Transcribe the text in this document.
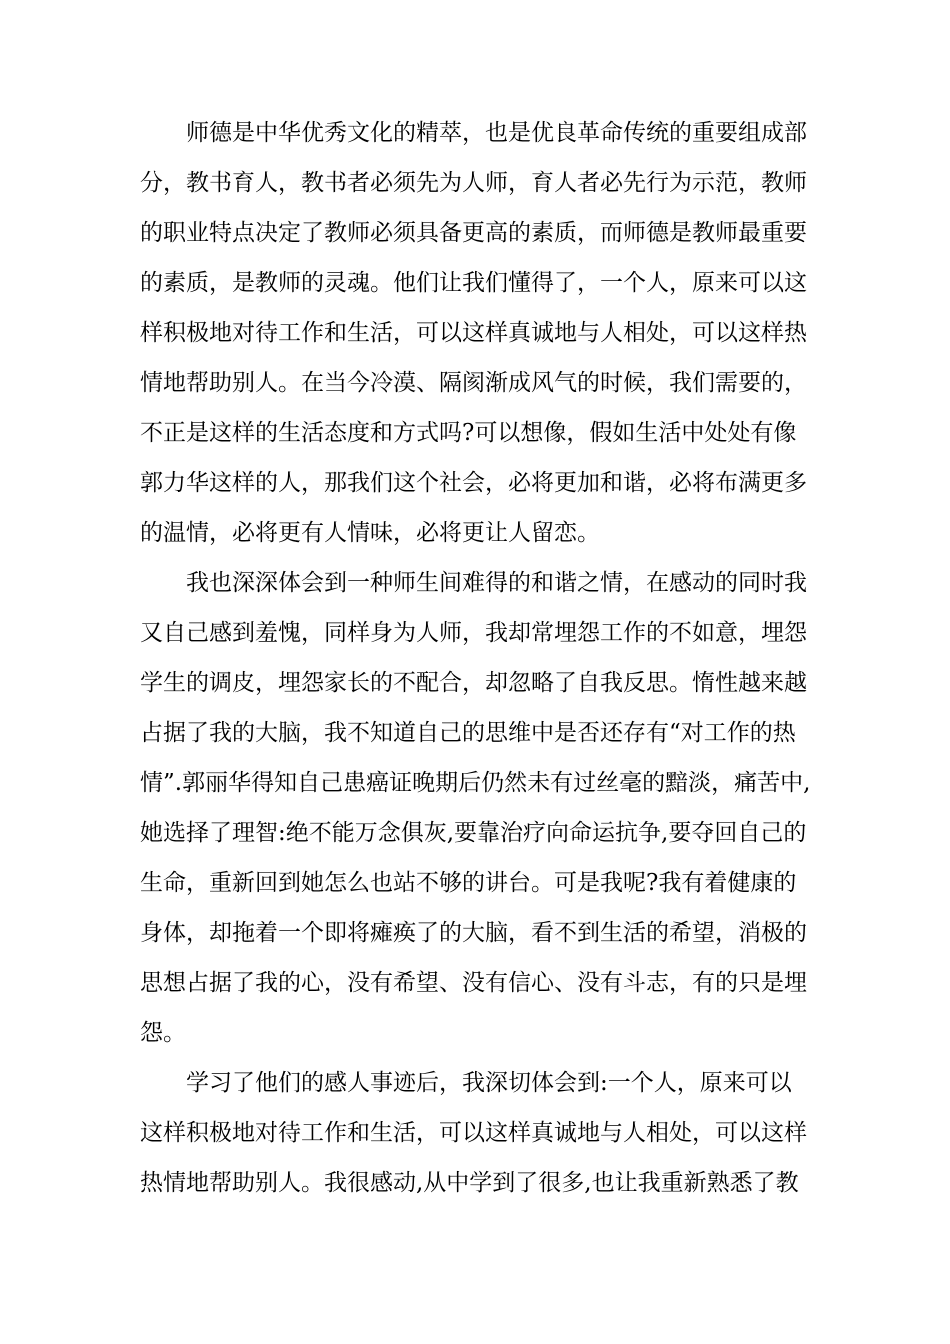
师德是中华优秀文化的精萃，也是优良革命传统的重要组成部
分，教书育人，教书者必须先为人师，育人者必先行为示范，教师
的职业特点决定了教师必须具备更高的素质，而师德是教师最重要
的素质，是教师的灵魂。他们让我们懂得了，一个人，原来可以这
样积极地对待工作和生活，可以这样真诚地与人相处，可以这样热
情地帮助别人。在当今冷漠、隔阂渐成风气的时候，我们需要的，
不正是这样的生活态度和方式吗?可以想像，假如生活中处处有像
郭力华这样的人，那我们这个社会，必将更加和谐，必将布满更多
的温情，必将更有人情味，必将更让人留恋。
我也深深体会到一种师生间难得的和谐之情，在感动的同时我
又自己感到羞愧，同样身为人师，我却常埋怨工作的不如意，埋怨
学生的调皮，埋怨家长的不配合，却忽略了自我反思。惰性越来越
占据了我的大脑，我不知道自己的思维中是否还存有“对工作的热
情”.郭丽华得知自己患癌证晚期后仍然未有过丝毫的黯淡，痛苦中,
她选择了理智:绝不能万念俱灰,要靠治疗向命运抗争,要夺回自己的
生命，重新回到她怎么也站不够的讲台。可是我呢?我有着健康的
身体，却拖着一个即将瘫痪了的大脑，看不到生活的希望，消极的
思想占据了我的心，没有希望、没有信心、没有斗志，有的只是埋
怨。
学习了他们的感人事迹后，我深切体会到:一个人，原来可以
这样积极地对待工作和生活，可以这样真诚地与人相处，可以这样
热情地帮助别人。我很感动,从中学到了很多,也让我重新熟悉了教
